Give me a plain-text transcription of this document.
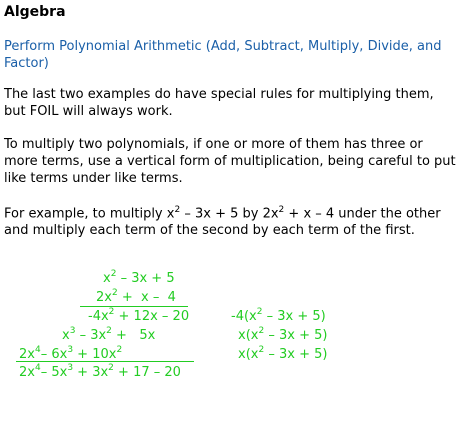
Algebra

Perform Polynomial Arithmetic (Add, Subtract, Multiply, Divide, and Factor)

The last two examples do have special rules for multiplying them, but FOIL will always work.

To multiply two polynomials, if one or more of them has three or more terms, use a vertical form of multiplication, being careful to put like terms under like terms.

For example, to multiply $x^2 - 3x + 5$ by $2x^2 + x - 4$ under the other and multiply each term of the second by each term of the first.

$x^2 - 3x + 5$
$2x^2 + x - 4$
$-4x^2 + 12x - 20$
$x^3 - 3x^2 + 5x$
$2x^4-$ $6x^3 + 10x^2$
$2x^4-$ $5x^3 + 3x^2 + 17 - 20$
$-4(x^2 - 3x + 5)$
$x(x^2 - 3x + 5)$
$x(x^2 - 3x + 5)$
